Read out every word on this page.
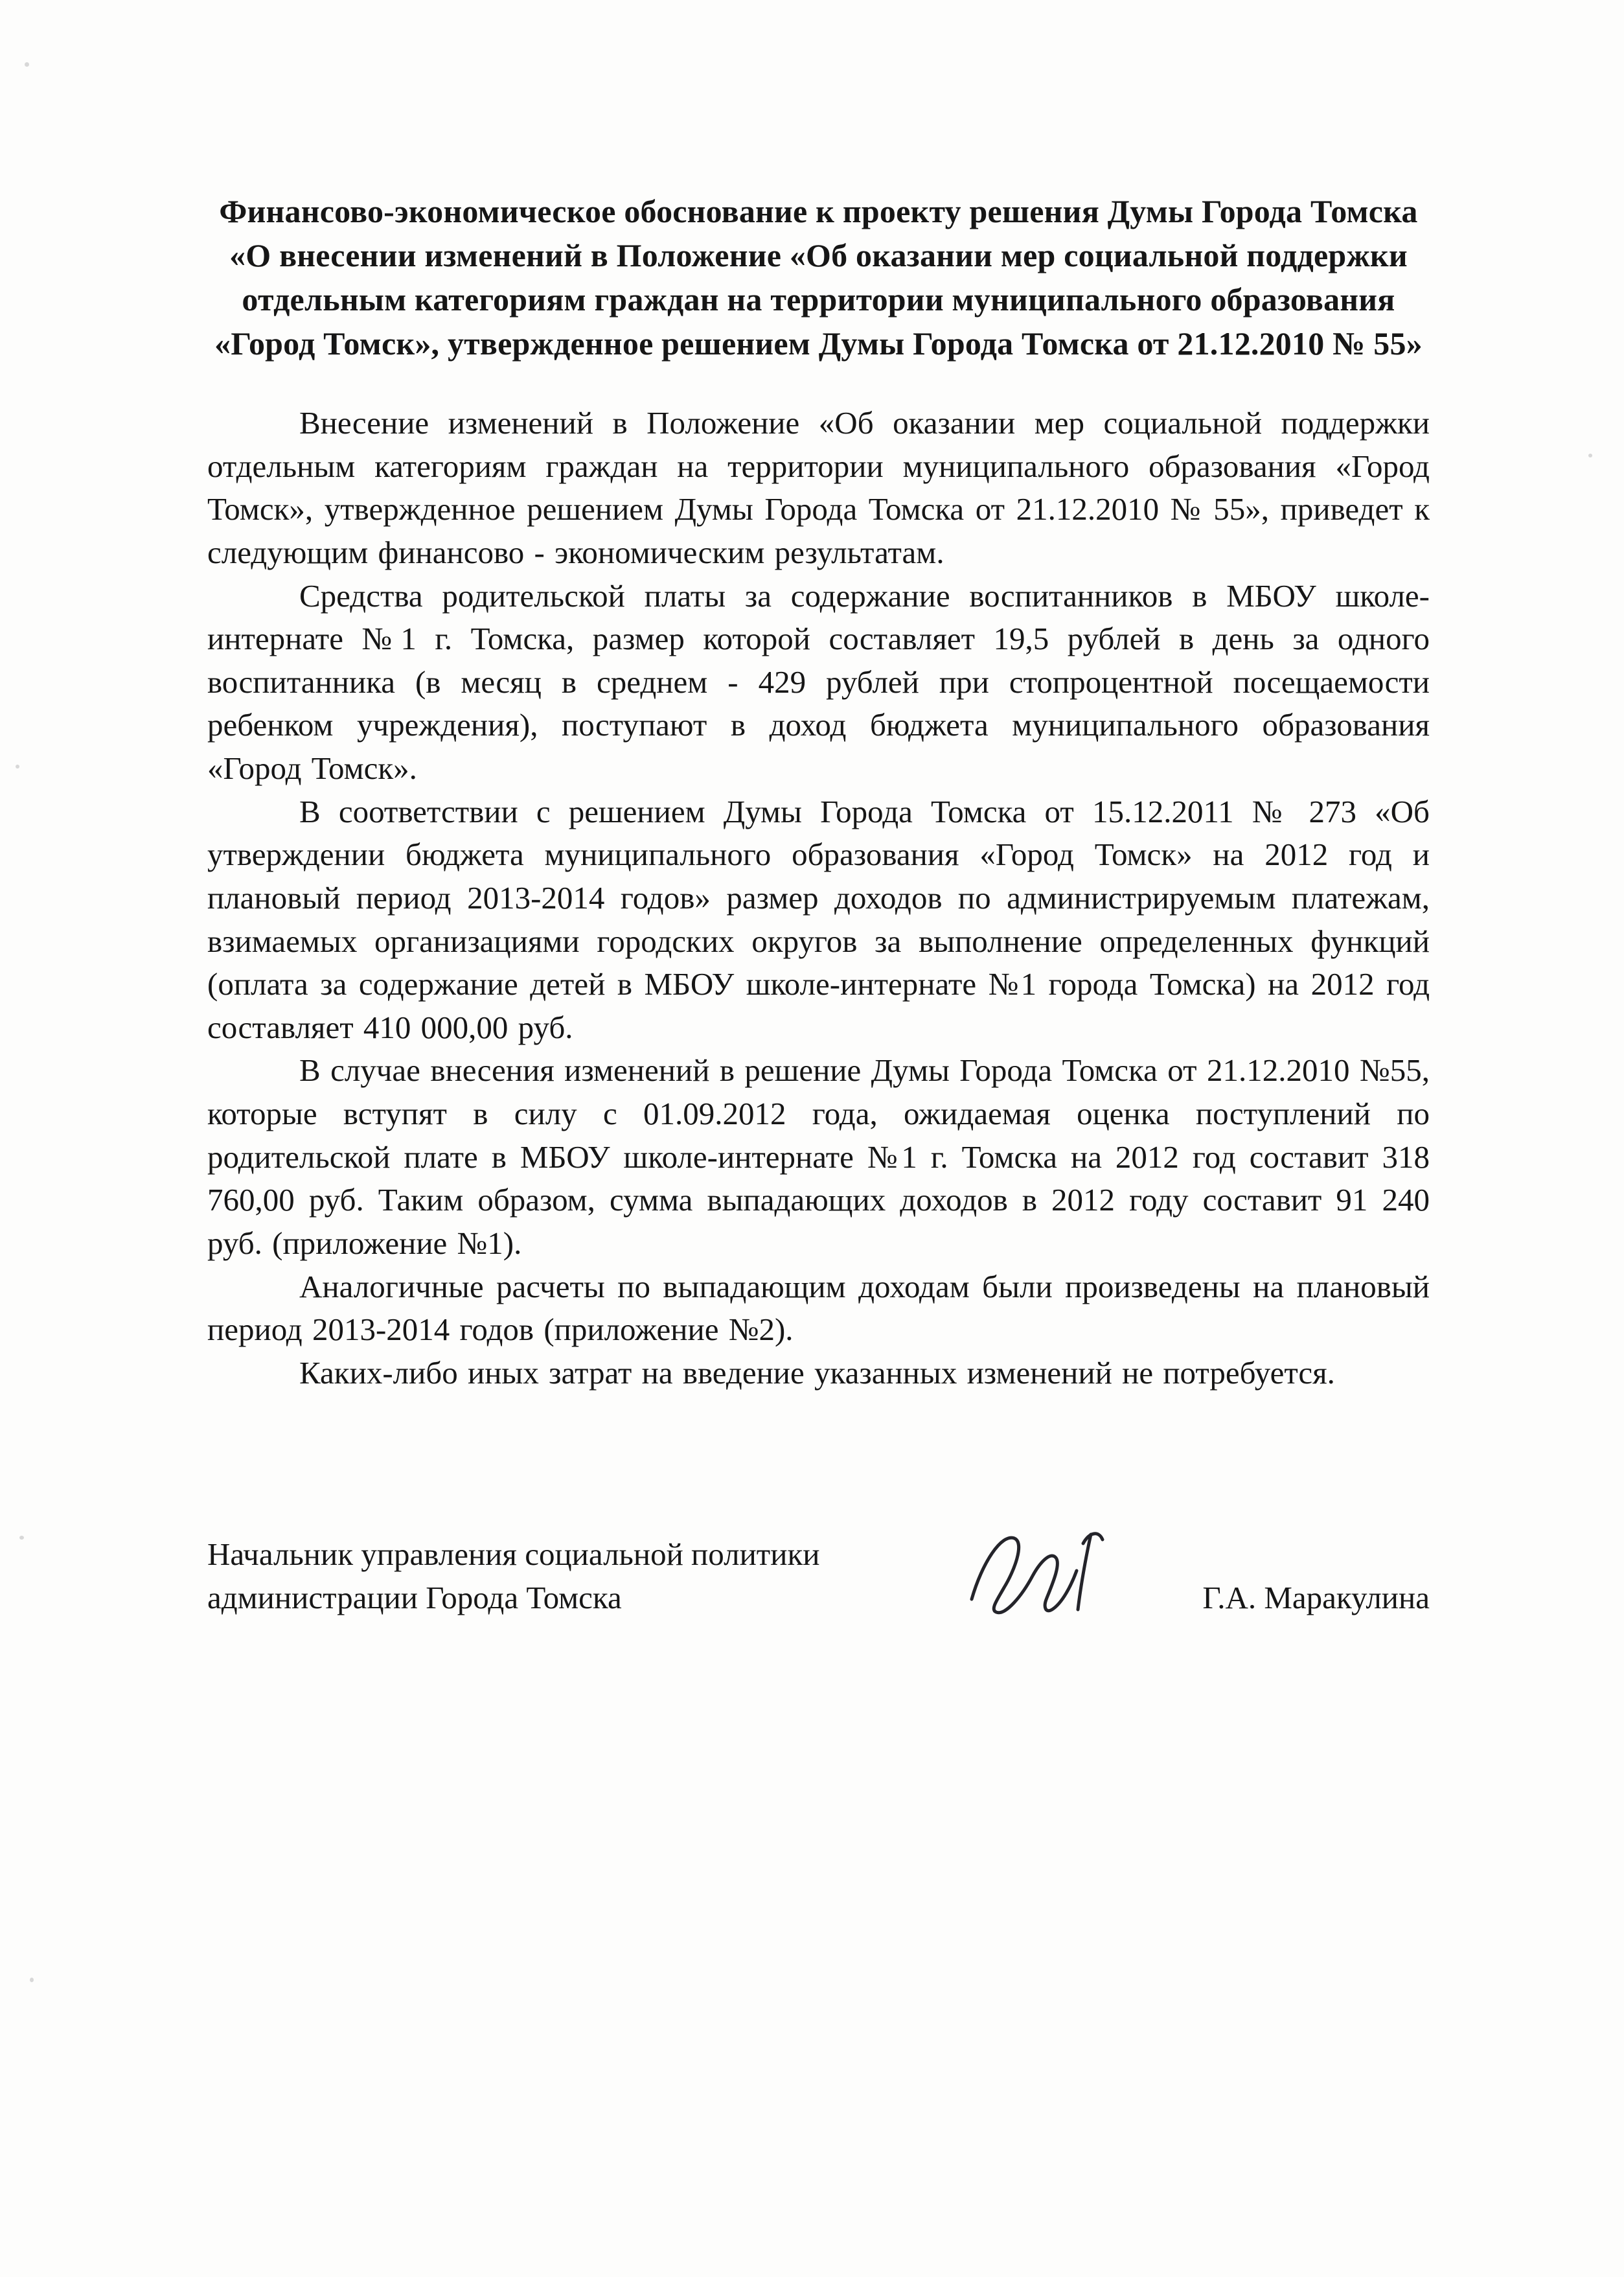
Финансово-экономическое обоснование к проекту решения Думы Города Томска «О внесении изменений в Положение «Об оказании мер социальной поддержки отдельным категориям граждан на территории муниципального образования «Город Томск», утвержденное решением Думы Города Томска от 21.12.2010 № 55»

Внесение изменений в Положение «Об оказании мер социальной поддержки отдельным категориям граждан на территории муниципального образования «Город Томск», утвержденное решением Думы Города Томска от 21.12.2010 № 55», приведет к следующим финансово - экономическим результатам.

Средства родительской платы за содержание воспитанников в МБОУ школе-интернате №1 г. Томска, размер которой составляет 19,5 рублей в день за одного воспитанника (в месяц в среднем - 429 рублей при стопроцентной посещаемости ребенком учреждения), поступают в доход бюджета муниципального образования «Город Томск».

В соответствии с решением Думы Города Томска от 15.12.2011 № 273 «Об утверждении бюджета муниципального образования «Город Томск» на 2012 год и плановый период 2013-2014 годов» размер доходов по администрируемым платежам, взимаемых организациями городских округов за выполнение определенных функций (оплата за содержание детей в МБОУ школе-интернате №1 города Томска) на 2012 год составляет 410 000,00 руб.

В случае внесения изменений в решение Думы Города Томска от 21.12.2010 №55, которые вступят в силу с 01.09.2012 года, ожидаемая оценка поступлений по родительской плате в МБОУ школе-интернате №1 г. Томска на 2012 год составит 318 760,00 руб. Таким образом, сумма выпадающих доходов в 2012 году составит 91 240 руб. (приложение №1).

Аналогичные расчеты по выпадающим доходам были произведены на плановый период 2013-2014 годов (приложение №2).

Каких-либо иных затрат на введение указанных изменений не потребуется.

Начальник управления социальной политики
администрации Города Томска	Г.А. Маракулина
